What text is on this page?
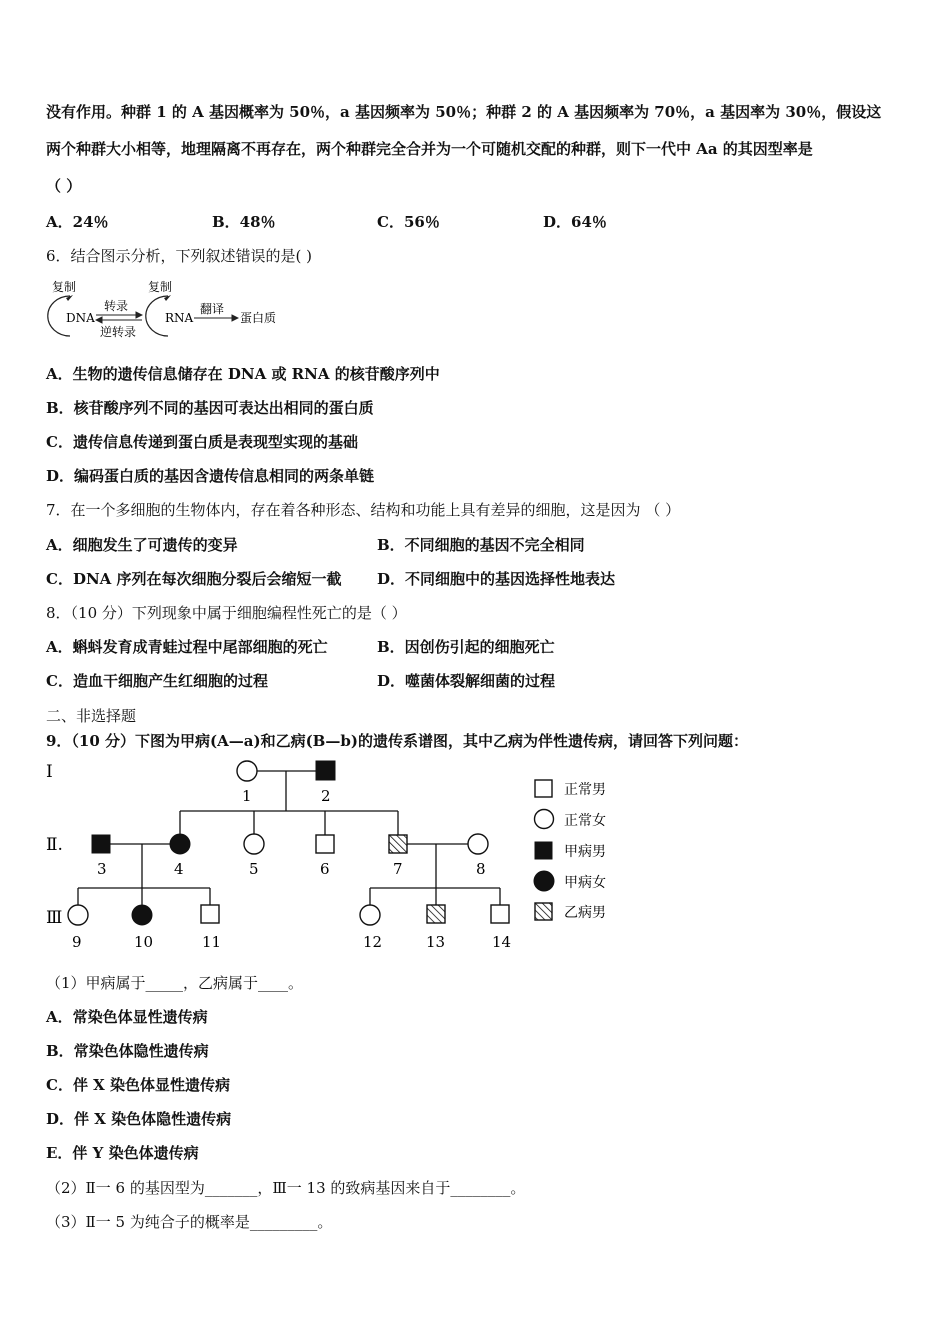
没有作用。种群 1 的 A 基因概率为 50％，a 基因频率为 50％；种群 2 的 A 基因频率为 70％，a 基因率为 30％，假设这
两个种群大小相等，地理隔离不再存在，两个种群完全合并为一个可随机交配的种群，则下一代中 Aa 的其因型率是
（ ）
A．24％	B．48％	C．56％	D．64％
6．结合图示分析，下列叙述错误的是( )
复制
DNA
转录
逆转录
复制
RNA
翻译
蛋白质
A．生物的遗传信息储存在 DNA 或 RNA 的核苷酸序列中
B．核苷酸序列不同的基因可表达出相同的蛋白质
C．遗传信息传递到蛋白质是表现型实现的基础
D．编码蛋白质的基因含遗传信息相同的两条单链
7．在一个多细胞的生物体内，存在着各种形态、结构和功能上具有差异的细胞，这是因为 （ ）
A．细胞发生了可遗传的变异	B．不同细胞的基因不完全相同
C．DNA 序列在每次细胞分裂后会缩短一截 D．不同细胞中的基因选择性地表达
8．（10 分）下列现象中属于细胞编程性死亡的是（ ）
A．蝌蚪发育成青蛙过程中尾部细胞的死亡	B．因创伤引起的细胞死亡
C．造血干细胞产生红细胞的过程	D．噬菌体裂解细菌的过程
二、非选择题
9．（10 分）下图为甲病(A—a)和乙病(B—b)的遗传系谱图，其中乙病为伴性遗传病，请回答下列问题：
Ⅰ
Ⅱ.
Ⅲ
1	2
3	4	5	6	7	8
9	10	11	12	13	14
正常男
正常女
甲病男
甲病女
乙病男
（1）甲病属于_____，乙病属于____。
A．常染色体显性遗传病
B．常染色体隐性遗传病
C．伴 X 染色体显性遗传病
D．伴 X 染色体隐性遗传病
E．伴 Y 染色体遗传病
（2）Ⅱ一 6 的基因型为_______，Ⅲ一 13 的致病基因来自于________。
（3）Ⅱ一 5 为纯合子的概率是_________。
